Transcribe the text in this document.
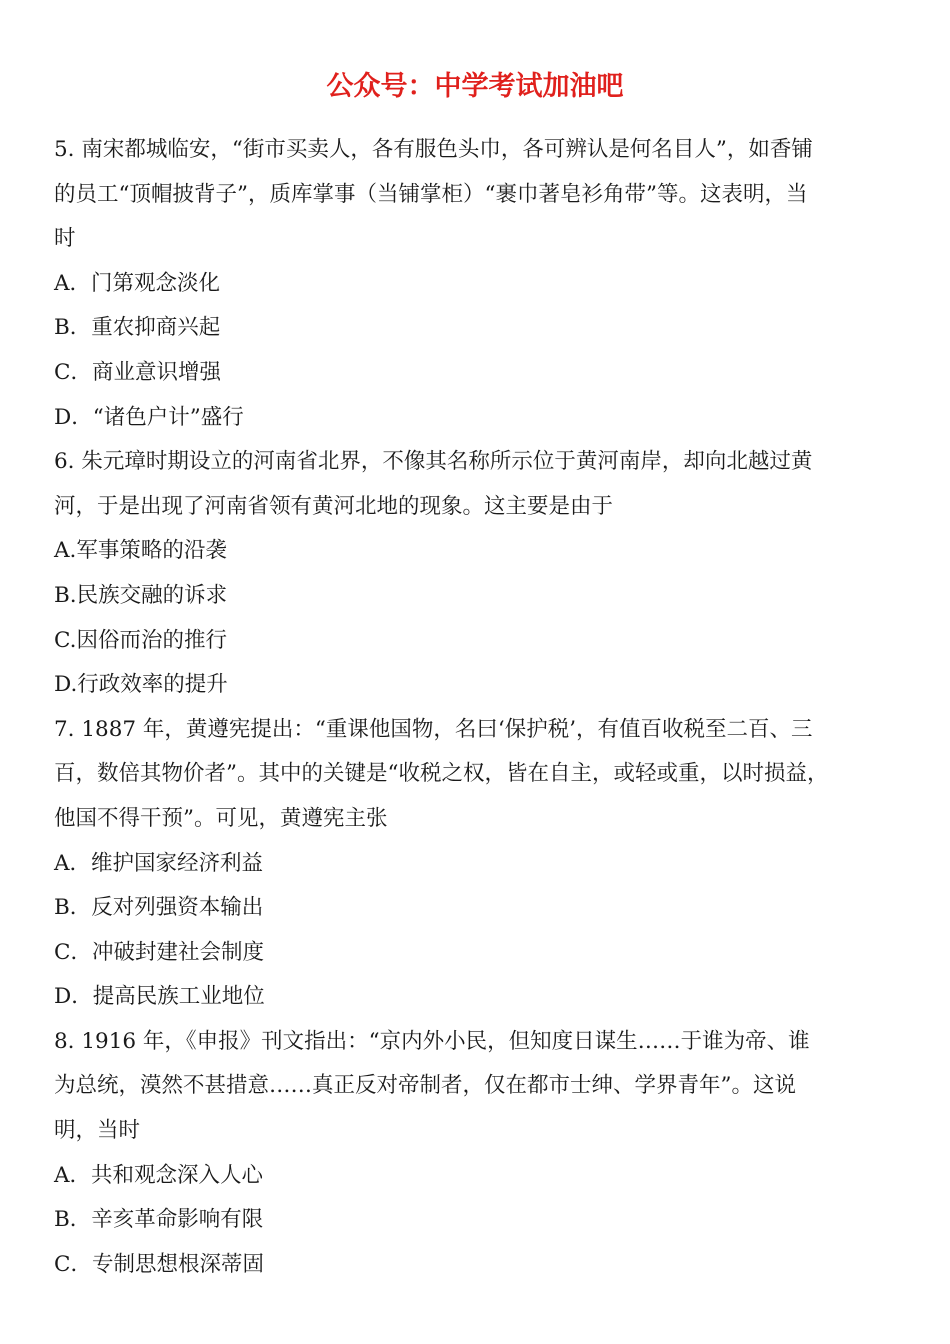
公众号：中学考试加油吧

5. 南宋都城临安，“街市买卖人，各有服色头巾，各可辨认是何名目人”，如香铺

的员工“顶帽披背子”，质库掌事（当铺掌柜）“裹巾著皂衫角带”等。这表明，当

时

A．门第观念淡化

B．重农抑商兴起

C．商业意识增强

D．“诸色户计”盛行

6. 朱元璋时期设立的河南省北界，不像其名称所示位于黄河南岸，却向北越过黄

河，于是出现了河南省领有黄河北地的现象。这主要是由于

A.军事策略的沿袭

B.民族交融的诉求

C.因俗而治的推行

D.行政效率的提升

7. 1887 年，黄遵宪提出：“重课他国物，名曰‘保护税’，有值百收税至二百、三

百，数倍其物价者”。其中的关键是“收税之权，皆在自主，或轻或重，以时损益，

他国不得干预”。可见，黄遵宪主张

A．维护国家经济利益

B．反对列强资本输出

C．冲破封建社会制度

D．提高民族工业地位

8. 1916 年，《申报》刊文指出：“京内外小民，但知度日谋生……于谁为帝、谁

为总统，漠然不甚措意……真正反对帝制者，仅在都市士绅、学界青年”。这说

明，当时

A．共和观念深入人心

B．辛亥革命影响有限

C．专制思想根深蒂固
